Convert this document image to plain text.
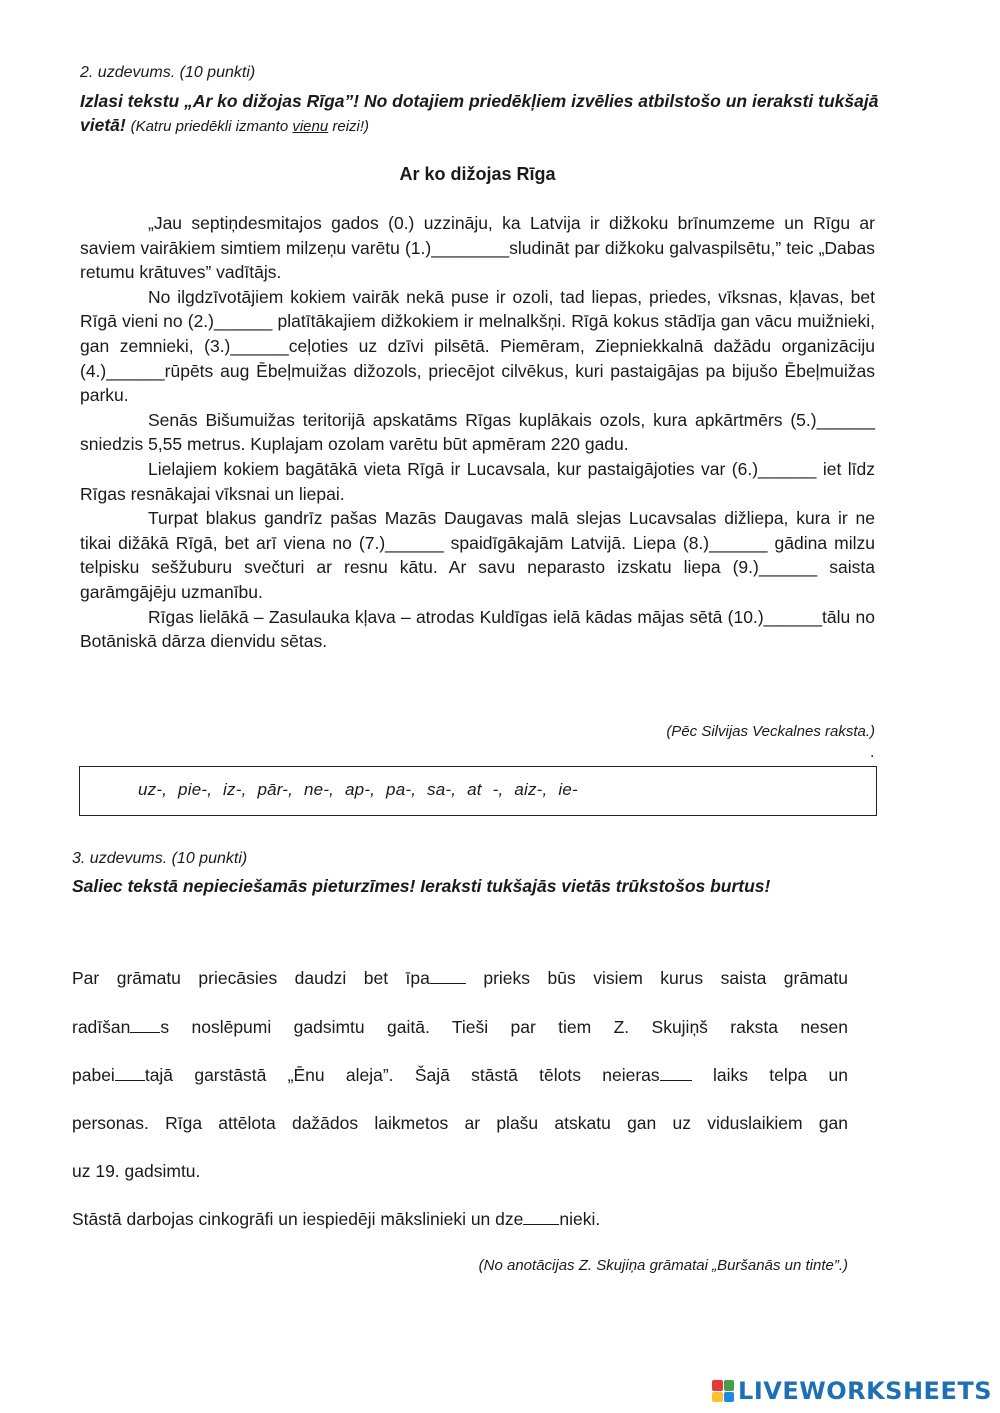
2. uzdevums. (10 punkti)
Izlasi tekstu „Ar ko dižojas Rīga”! No dotajiem priedēkļiem izvēlies atbilstošo un ieraksti tukšajā vietā! (Katru priedēkli izmanto vienu reizi!)
Ar ko dižojas Rīga

„Jau septiņdesmitajos gados (0.) uzzināju, ka Latvija ir dižkoku brīnumzeme un Rīgu ar saviem vairākiem simtiem milzeņu varētu (1.)________sludināt par dižkoku galvaspilsētu,” teic „Dabas retumu krātuves” vadītājs.

No ilgdzīvotājiem kokiem vairāk nekā puse ir ozoli, tad liepas, priedes, vīksnas, kļavas, bet Rīgā vieni no (2.)______ platītākajiem dižkokiem ir melnalkšņi. Rīgā kokus stādīja gan vācu muižnieki, gan zemnieki, (3.)______ceļoties uz dzīvi pilsētā. Piemēram, Ziepniekkalnā dažādu organizāciju (4.)______rūpēts aug Ēbeļmuižas dižozols, priecējot cilvēkus, kuri pastaigājas pa bijušo Ēbeļmuižas parku.

Senās Bišumuižas teritorijā apskatāms Rīgas kuplākais ozols, kura apkārtmērs (5.)______ sniedzis 5,55 metrus. Kuplajam ozolam varētu būt apmēram 220 gadu.

Lielajiem kokiem bagātākā vieta Rīgā ir Lucavsala, kur pastaigājoties var (6.)______ iet līdz Rīgas resnākajai vīksnai un liepai.

Turpat blakus gandrīz pašas Mazās Daugavas malā slejas Lucavsalas dižliepa, kura ir ne tikai dižākā Rīgā, bet arī viena no (7.)______ spaidīgākajām Latvijā. Liepa (8.)______ gādina milzu telpisku sešžuburu svečturi ar resnu kātu. Ar savu neparasto izskatu liepa (9.)______ saista garāmgājēju uzmanību.

Rīgas lielākā – Zasulauka kļava – atrodas Kuldīgas ielā kādas mājas sētā (10.)______tālu no Botāniskā dārza dienvidu sētas.

(Pēc Silvijas Veckalnes raksta.)
.
uz-, pie-, iz-, pār-, ne-, ap-, pa-, sa-, at -, aiz-, ie-
3. uzdevums. (10 punkti)
Saliec tekstā nepieciešamās pieturzīmes! Ieraksti tukšajās vietās trūkstošos burtus!
Par grāmatu priecāsies daudzi bet īpa prieks būs visiem kurus saista grāmatu
radīšan s noslēpumi gadsimtu gaitā. Tieši par tiem Z. Skujiņš raksta nesen
pabei tajā garstāstā „Ēnu aleja”. Šajā stāstā tēlots neieras laiks telpa un
personas. Rīga attēlota dažādos laikmetos ar plašu atskatu gan uz viduslaikiem gan
uz 19. gadsimtu.
Stāstā darbojas cinkogrāfi un iespiedēji mākslinieki un dze nieki.
(No anotācijas Z. Skujiņa grāmatai „Buršanās un tinte”.)
LIVEWORKSHEETS
